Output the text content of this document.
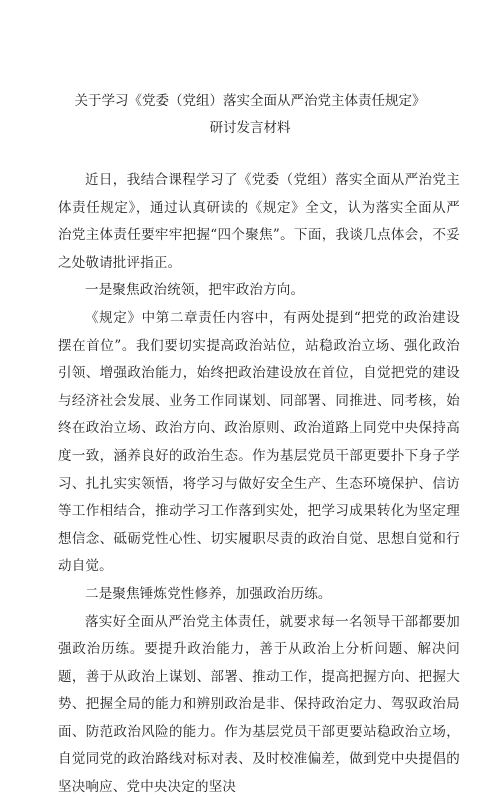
关于学习《党委（党组）落实全面从严治党主体责任规定》
研讨发言材料

近日，我结合课程学习了《党委（党组）落实全面从严治党主体责任规定》，通过认真研读的《规定》全文，认为落实全面从严治党主体责任要牢牢把握“四个聚焦”。下面，我谈几点体会，不妥之处敬请批评指正。

一是聚焦政治统领，把牢政治方向。

《规定》中第二章责任内容中，有两处提到“把党的政治建设摆在首位”。我们要切实提高政治站位，站稳政治立场、强化政治引领、增强政治能力，始终把政治建设放在首位，自觉把党的建设与经济社会发展、业务工作同谋划、同部署、同推进、同考核，始终在政治立场、政治方向、政治原则、政治道路上同党中央保持高度一致，涵养良好的政治生态。作为基层党员干部更要扑下身子学习、扎扎实实领悟，将学习与做好安全生产、生态环境保护、信访等工作相结合，推动学习工作落到实处，把学习成果转化为坚定理想信念、砥砺党性心性、切实履职尽责的政治自觉、思想自觉和行动自觉。

二是聚焦锤炼党性修养，加强政治历练。

落实好全面从严治党主体责任，就要求每一名领导干部都要加强政治历练。要提升政治能力，善于从政治上分析问题、解决问题，善于从政治上谋划、部署、推动工作，提高把握方向、把握大势、把握全局的能力和辨别政治是非、保持政治定力、驾驭政治局面、防范政治风险的能力。作为基层党员干部更要站稳政治立场，自觉同党的政治路线对标对表、及时校准偏差，做到党中央提倡的坚决响应、党中央决定的坚决
